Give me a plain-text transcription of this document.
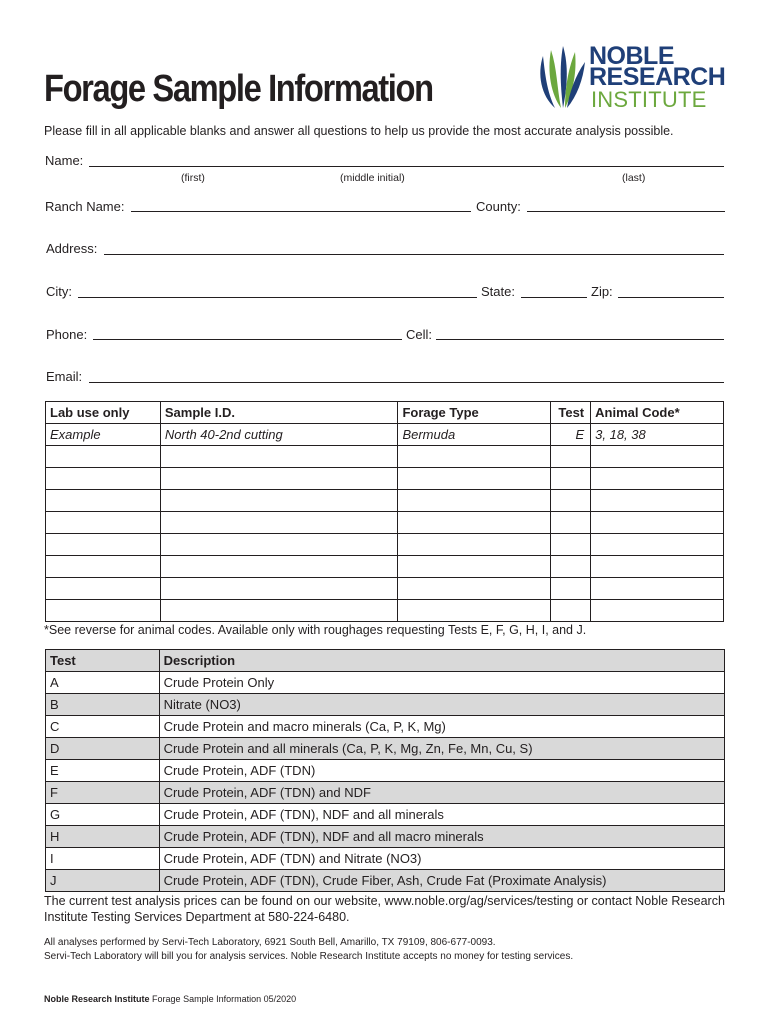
Forage Sample Information
NOBLE
RESEARCH
INSTITUTE
Please fill in all applicable blanks and answer all questions to help us provide the most accurate analysis possible.
Name:
(first)	(middle initial)	(last)
Ranch Name:	County:
Address:
City:	State:	Zip:
Phone:	Cell:
Email:
Lab use only	Sample I.D.	Forage Type	Test	Animal Code*
Example	North 40-2nd cutting	Bermuda	E	3, 18, 38

*See reverse for animal codes. Available only with roughages requesting Tests E, F, G, H, I, and J.
Test	Description
A	Crude Protein Only
B	Nitrate (NO3)
C	Crude Protein and macro minerals (Ca, P, K, Mg)
D	Crude Protein and all minerals (Ca, P, K, Mg, Zn, Fe, Mn, Cu, S)
E	Crude Protein, ADF (TDN)
F	Crude Protein, ADF (TDN) and NDF
G	Crude Protein, ADF (TDN), NDF and all minerals
H	Crude Protein, ADF (TDN), NDF and all macro minerals
I	Crude Protein, ADF (TDN) and Nitrate (NO3)
J	Crude Protein, ADF (TDN), Crude Fiber, Ash, Crude Fat (Proximate Analysis)
The current test analysis prices can be found on our website, www.noble.org/ag/services/testing or contact Noble Research Institute Testing Services Department at 580-224-6480.
All analyses performed by Servi-Tech Laboratory, 6921 South Bell, Amarillo, TX 79109, 806-677-0093.
Servi-Tech Laboratory will bill you for analysis services. Noble Research Institute accepts no money for testing services.
Noble Research Institute Forage Sample Information 05/2020
